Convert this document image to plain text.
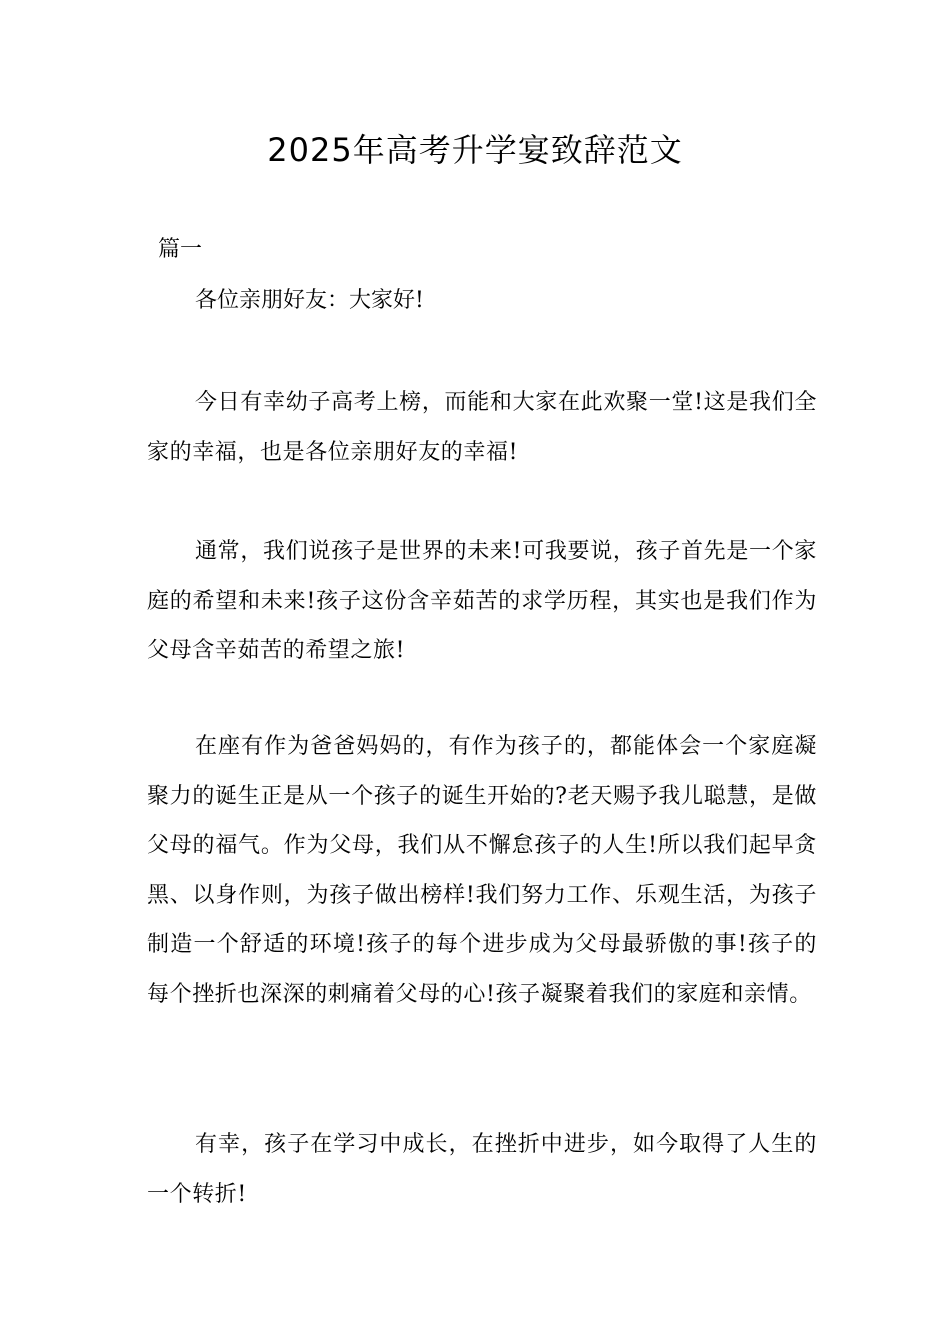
2025年高考升学宴致辞范文

篇一

各位亲朋好友：大家好!

今日有幸幼子高考上榜，而能和大家在此欢聚一堂!这是我们全家的幸福，也是各位亲朋好友的幸福!

通常，我们说孩子是世界的未来!可我要说，孩子首先是一个家庭的希望和未来!孩子这份含辛茹苦的求学历程，其实也是我们作为父母含辛茹苦的希望之旅!

在座有作为爸爸妈妈的，有作为孩子的，都能体会一个家庭凝聚力的诞生正是从一个孩子的诞生开始的?老天赐予我儿聪慧，是做父母的福气。作为父母，我们从不懈怠孩子的人生!所以我们起早贪黑、以身作则，为孩子做出榜样!我们努力工作、乐观生活，为孩子制造一个舒适的环境!孩子的每个进步成为父母最骄傲的事!孩子的每个挫折也深深的刺痛着父母的心!孩子凝聚着我们的家庭和亲情。

有幸，孩子在学习中成长，在挫折中进步，如今取得了人生的一个转折!
